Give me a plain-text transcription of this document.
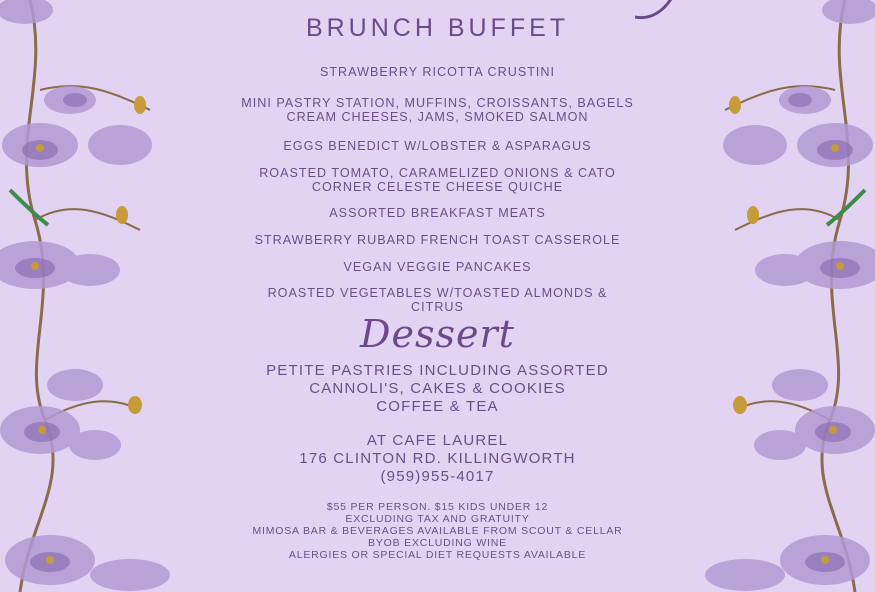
BRUNCH BUFFET
STRAWBERRY RICOTTA CRUSTINI
MINI PASTRY STATION, MUFFINS, CROISSANTS, BAGELS
CREAM CHEESES, JAMS, SMOKED SALMON
EGGS BENEDICT W/LOBSTER & ASPARAGUS
ROASTED TOMATO, CARAMELIZED ONIONS & CATO
CORNER CELESTE CHEESE QUICHE
ASSORTED BREAKFAST MEATS
STRAWBERRY RUBARD FRENCH TOAST CASSEROLE
VEGAN VEGGIE PANCAKES
ROASTED VEGETABLES W/TOASTED ALMONDS &
CITRUS
Dessert
PETITE PASTRIES INCLUDING ASSORTED
CANNOLI'S, CAKES & COOKIES
COFFEE & TEA
AT CAFE LAUREL
176 CLINTON RD. KILLINGWORTH
(959)955-4017
$55 PER PERSON. $15 KIDS UNDER 12
EXCLUDING TAX AND GRATUITY
MIMOSA BAR & BEVERAGES AVAILABLE FROM SCOUT & CELLAR
BYOB EXCLUDING WINE
ALERGIES OR SPECIAL DIET REQUESTS AVAILABLE
